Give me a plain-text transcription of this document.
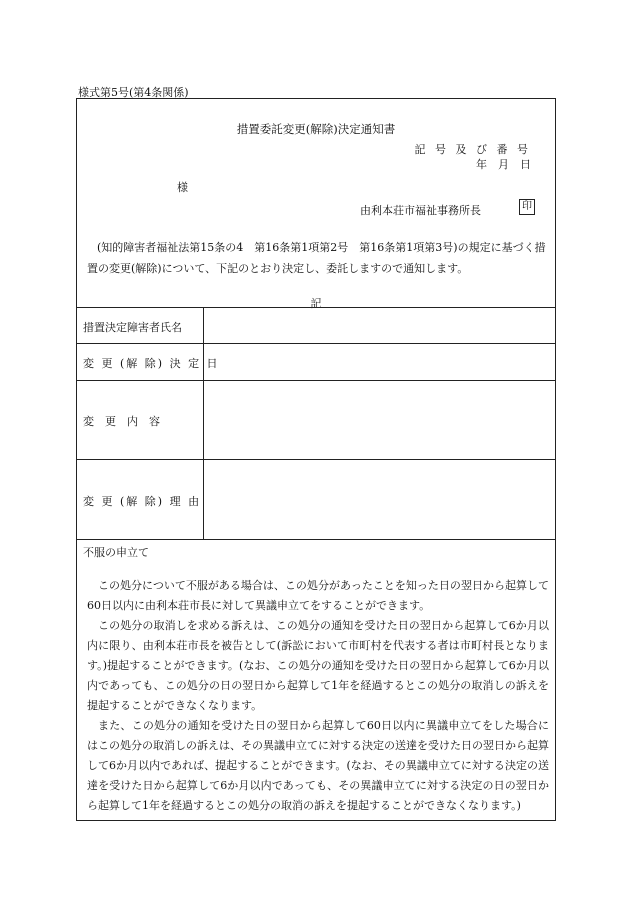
様式第5号(第4条関係)
措置委託変更(解除)決定通知書
記 号 及 び 番 号
年　月　日
様
由利本荘市福祉事務所長	印
(知的障害者福祉法第15条の4　第16条第1項第2号　第16条第1項第3号)の規定に基づく措置の変更(解除)について、下記のとおり決定し、委託しますので通知します。
記
措置決定障害者氏名
変 更 (解 除) 決 定 日
変　更　内　容
変 更 (解 除) 理 由
不服の申立て

この処分について不服がある場合は、この処分があったことを知った日の翌日から起算して60日以内に由利本荘市長に対して異議申立てをすることができます。

この処分の取消しを求める訴えは、この処分の通知を受けた日の翌日から起算して6か月以内に限り、由利本荘市長を被告として(訴訟において市町村を代表する者は市町村長となります。)提起することができます。(なお、この処分の通知を受けた日の翌日から起算して6か月以内であっても、この処分の日の翌日から起算して1年を経過するとこの処分の取消しの訴えを提起することができなくなります。

また、この処分の通知を受けた日の翌日から起算して60日以内に異議申立てをした場合にはこの処分の取消しの訴えは、その異議申立てに対する決定の送達を受けた日の翌日から起算して6か月以内であれば、提起することができます。(なお、その異議申立てに対する決定の送達を受けた日から起算して6か月以内であっても、その異議申立てに対する決定の日の翌日から起算して1年を経過するとこの処分の取消の訴えを提起することができなくなります。)
